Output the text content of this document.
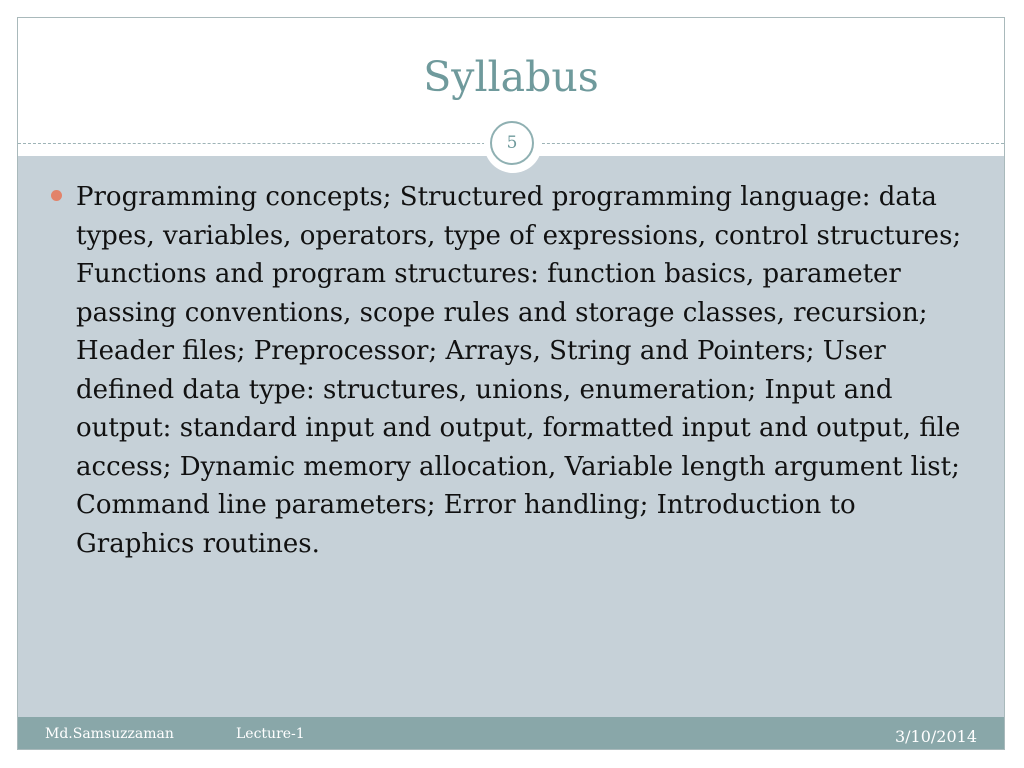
Syllabus
5

Programming concepts; Structured programming language: data types, variables, operators, type of expressions, control structures; Functions and program structures: function basics, parameter passing conventions, scope rules and storage classes, recursion; Header files; Preprocessor; Arrays, String and Pointers; User defined data type: structures, unions, enumeration; Input and output: standard input and output, formatted input and output, file access; Dynamic memory allocation, Variable length argument list; Command line parameters; Error handling; Introduction to Graphics routines.

Md.Samsuzzaman	Lecture-1	3/10/2014
